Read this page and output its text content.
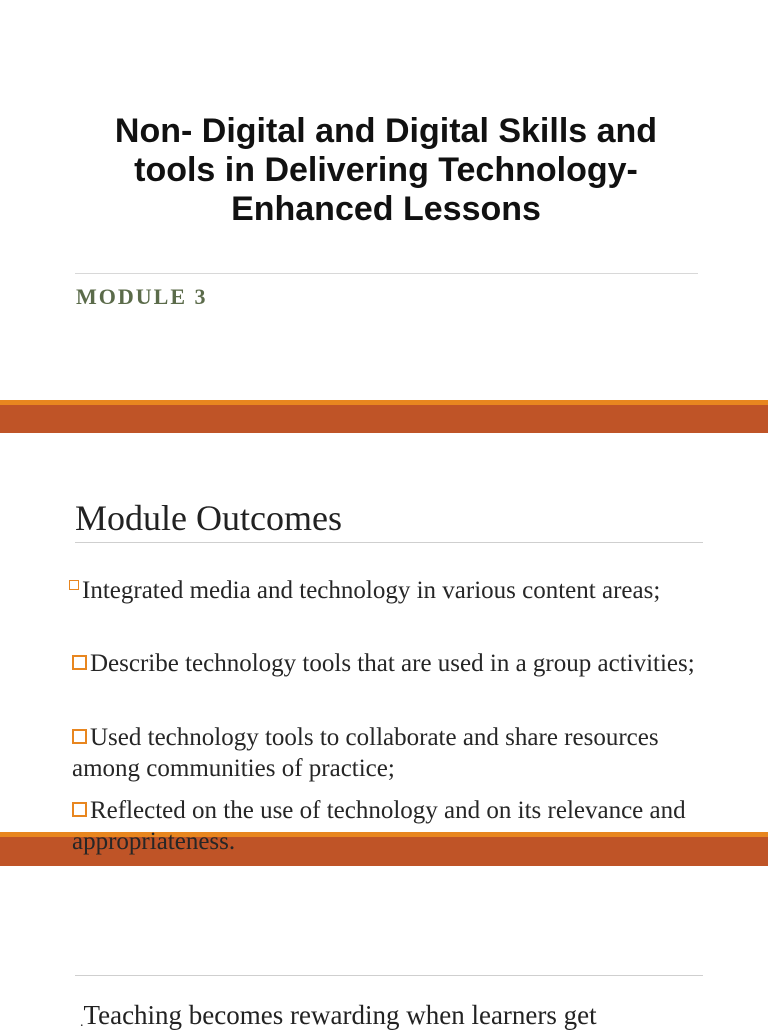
Non- Digital and Digital Skills and tools in Delivering Technology-Enhanced Lessons
MODULE 3
Module Outcomes
Integrated media and technology in various content areas;
Describe technology tools that are used in a group activities;
Used technology tools to collaborate and share resources among communities of practice;
Reflected on the use of technology and on its relevance and appropriateness.
.Teaching becomes rewarding when learners get
